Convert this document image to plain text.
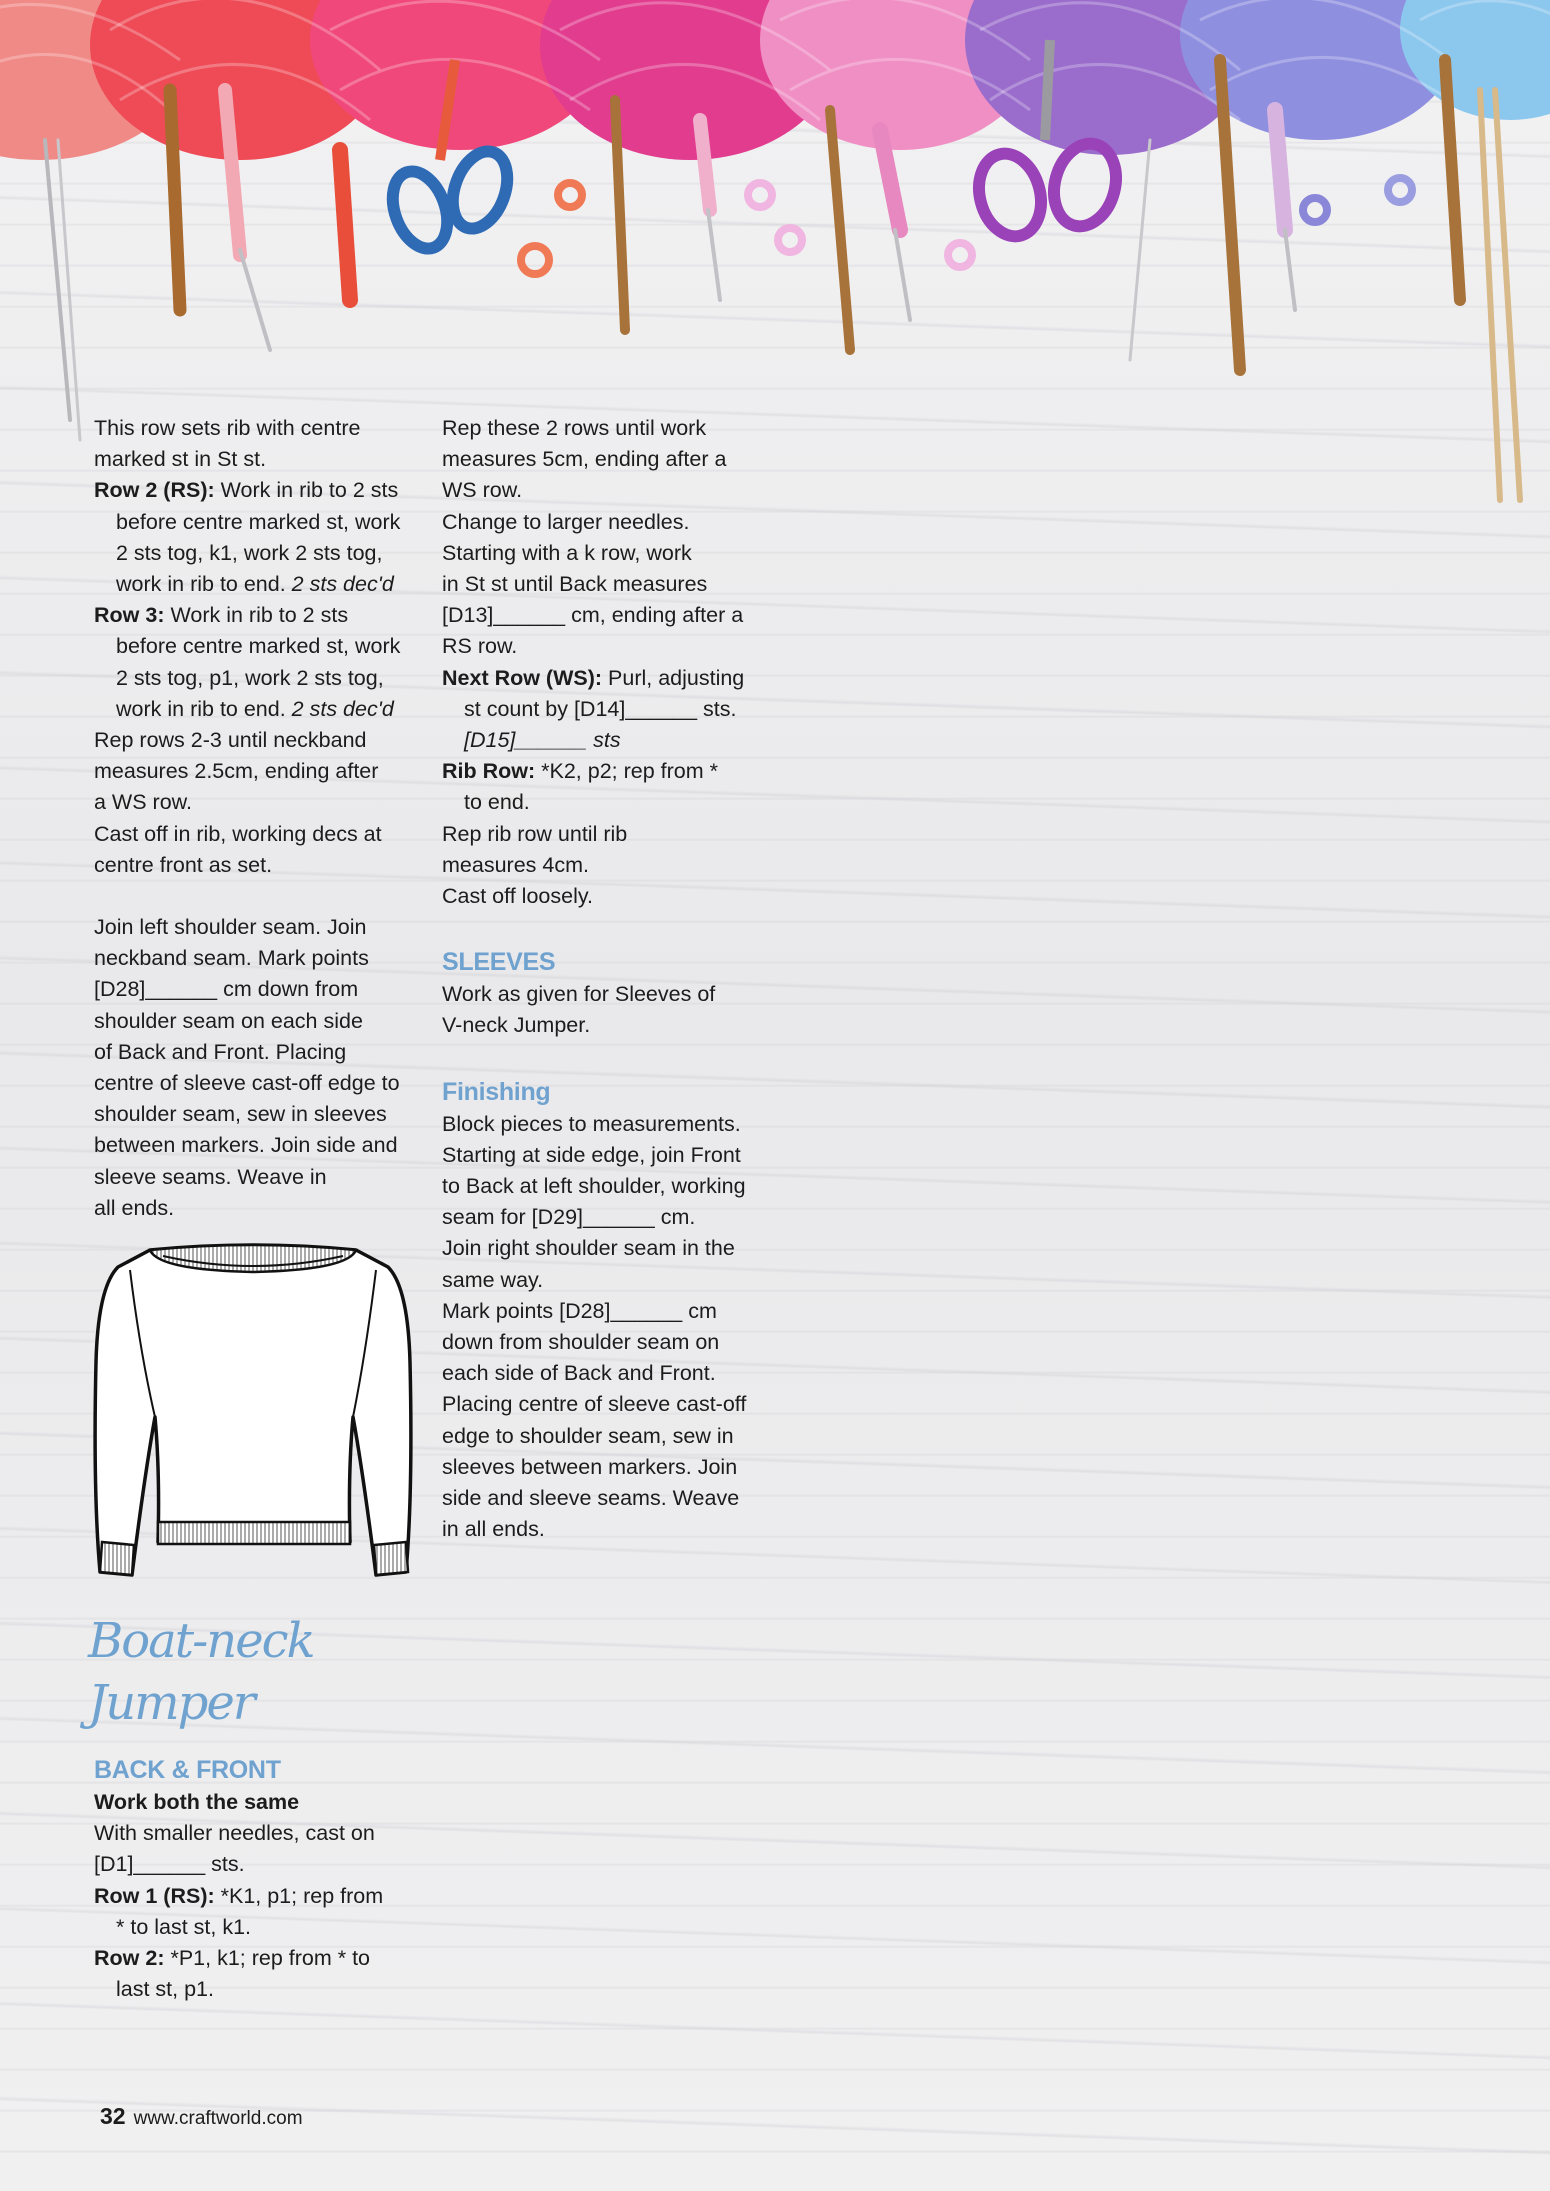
This row sets rib with centre

marked st in St st.

Row 2 (RS): Work in rib to 2 sts

before centre marked st, work

2 sts tog, k1, work 2 sts tog,

work in rib to end. 2 sts dec'd

Row 3: Work in rib to 2 sts

before centre marked st, work

2 sts tog, p1, work 2 sts tog,

work in rib to end. 2 sts dec'd

Rep rows 2-3 until neckband

measures 2.5cm, ending after

a WS row.

Cast off in rib, working decs at

centre front as set.

Join left shoulder seam. Join

neckband seam. Mark points

[D28]______ cm down from

shoulder seam on each side

of Back and Front. Placing

centre of sleeve cast-off edge to

shoulder seam, sew in sleeves

between markers. Join side and

sleeve seams. Weave in

all ends.

Boat-neck

Jumper

BACK & FRONT

Work both the same

With smaller needles, cast on

[D1]______ sts.

Row 1 (RS): *K1, p1; rep from

* to last st, k1.

Row 2: *P1, k1; rep from * to

last st, p1.

Rep these 2 rows until work

measures 5cm, ending after a

WS row.

Change to larger needles.

Starting with a k row, work

in St st until Back measures

[D13]______ cm, ending after a

RS row.

Next Row (WS): Purl, adjusting

st count by [D14]______ sts.

[D15]______ sts

Rib Row: *K2, p2; rep from *

to end.

Rep rib row until rib

measures 4cm.

Cast off loosely.

SLEEVES

Work as given for Sleeves of

V-neck Jumper.

Finishing

Block pieces to measurements.

Starting at side edge, join Front

to Back at left shoulder, working

seam for [D29]______ cm.

Join right shoulder seam in the

same way.

Mark points [D28]______ cm

down from shoulder seam on

each side of Back and Front.

Placing centre of sleeve cast-off

edge to shoulder seam, sew in

sleeves between markers. Join

side and sleeve seams. Weave

in all ends.

32 www.craftworld.com
